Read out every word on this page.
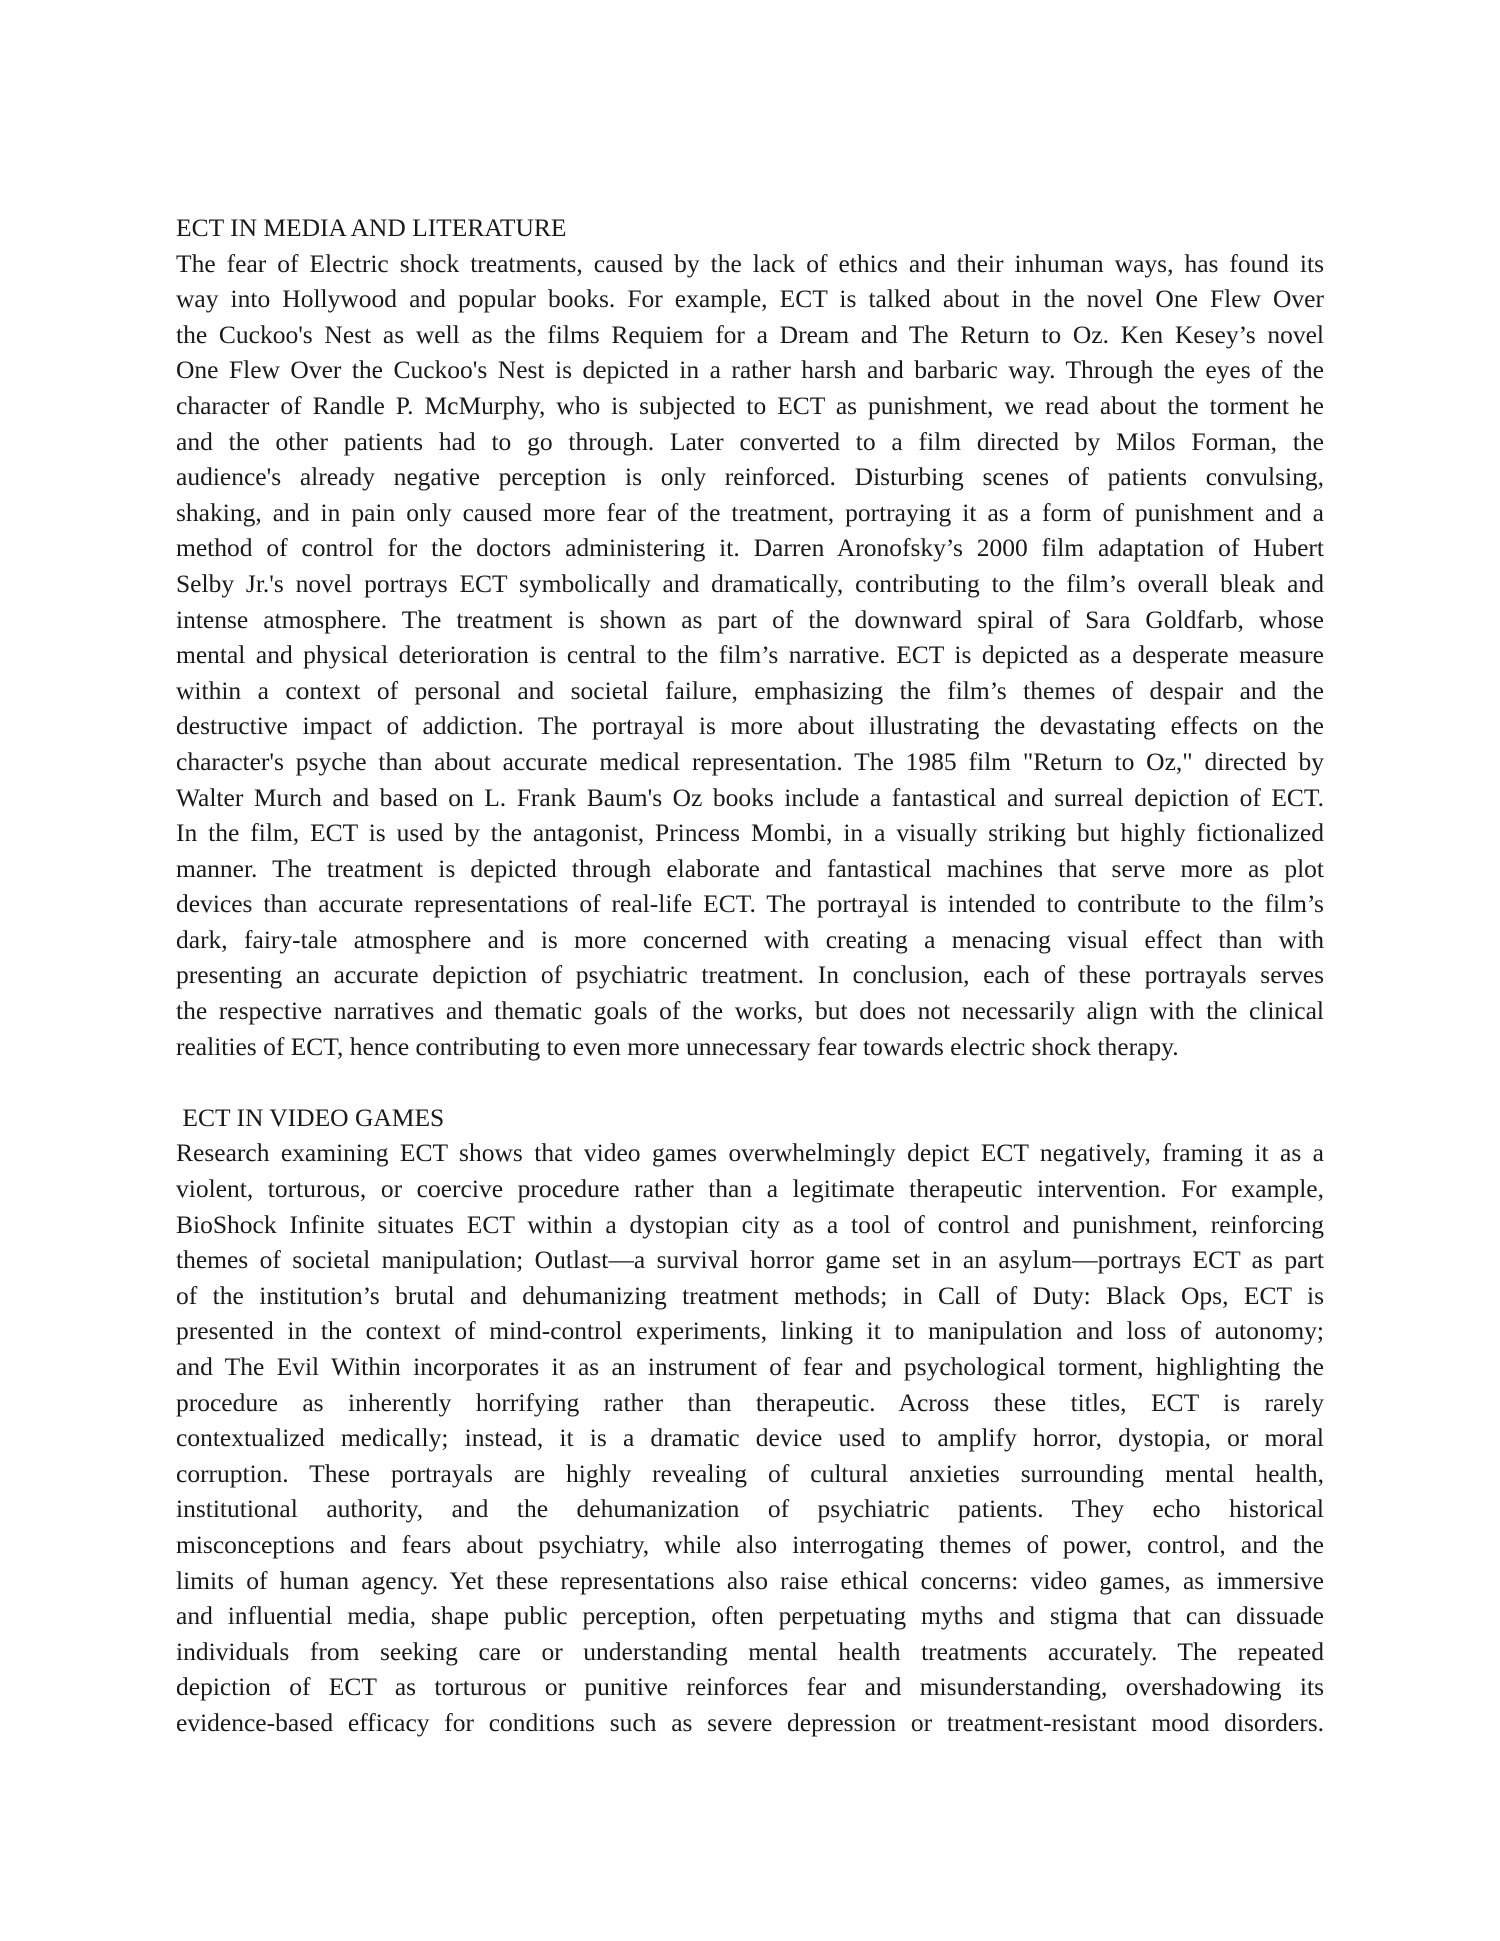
ECT IN MEDIA AND LITERATURE
The fear of Electric shock treatments, caused by the lack of ethics and their inhuman ways, has found its
way into Hollywood and popular books. For example, ECT is talked about in the novel One Flew Over
the Cuckoo's Nest as well as the films Requiem for a Dream and The Return to Oz. Ken Kesey’s novel
One Flew Over the Cuckoo's Nest is depicted in a rather harsh and barbaric way. Through the eyes of the
character of Randle P. McMurphy, who is subjected to ECT as punishment, we read about the torment he
and the other patients had to go through. Later converted to a film directed by Milos Forman, the
audience's already negative perception is only reinforced. Disturbing scenes of patients convulsing,
shaking, and in pain only caused more fear of the treatment, portraying it as a form of punishment and a
method of control for the doctors administering it. Darren Aronofsky’s 2000 film adaptation of Hubert
Selby Jr.'s novel portrays ECT symbolically and dramatically, contributing to the film’s overall bleak and
intense atmosphere. The treatment is shown as part of the downward spiral of Sara Goldfarb, whose
mental and physical deterioration is central to the film’s narrative. ECT is depicted as a desperate measure
within a context of personal and societal failure, emphasizing the film’s themes of despair and the
destructive impact of addiction. The portrayal is more about illustrating the devastating effects on the
character's psyche than about accurate medical representation. The 1985 film "Return to Oz," directed by
Walter Murch and based on L. Frank Baum's Oz books include a fantastical and surreal depiction of ECT.
In the film, ECT is used by the antagonist, Princess Mombi, in a visually striking but highly fictionalized
manner. The treatment is depicted through elaborate and fantastical machines that serve more as plot
devices than accurate representations of real-life ECT. The portrayal is intended to contribute to the film’s
dark, fairy-tale atmosphere and is more concerned with creating a menacing visual effect than with
presenting an accurate depiction of psychiatric treatment. In conclusion, each of these portrayals serves
the respective narratives and thematic goals of the works, but does not necessarily align with the clinical
realities of ECT, hence contributing to even more unnecessary fear towards electric shock therapy.
ECT IN VIDEO GAMES
Research examining ECT shows that video games overwhelmingly depict ECT negatively, framing it as a
violent, torturous, or coercive procedure rather than a legitimate therapeutic intervention. For example,
BioShock Infinite situates ECT within a dystopian city as a tool of control and punishment, reinforcing
themes of societal manipulation; Outlast—a survival horror game set in an asylum—portrays ECT as part
of the institution’s brutal and dehumanizing treatment methods; in Call of Duty: Black Ops, ECT is
presented in the context of mind-control experiments, linking it to manipulation and loss of autonomy;
and The Evil Within incorporates it as an instrument of fear and psychological torment, highlighting the
procedure as inherently horrifying rather than therapeutic. Across these titles, ECT is rarely
contextualized medically; instead, it is a dramatic device used to amplify horror, dystopia, or moral
corruption. These portrayals are highly revealing of cultural anxieties surrounding mental health,
institutional authority, and the dehumanization of psychiatric patients. They echo historical
misconceptions and fears about psychiatry, while also interrogating themes of power, control, and the
limits of human agency. Yet these representations also raise ethical concerns: video games, as immersive
and influential media, shape public perception, often perpetuating myths and stigma that can dissuade
individuals from seeking care or understanding mental health treatments accurately. The repeated
depiction of ECT as torturous or punitive reinforces fear and misunderstanding, overshadowing its
evidence-based efficacy for conditions such as severe depression or treatment-resistant mood disorders.
